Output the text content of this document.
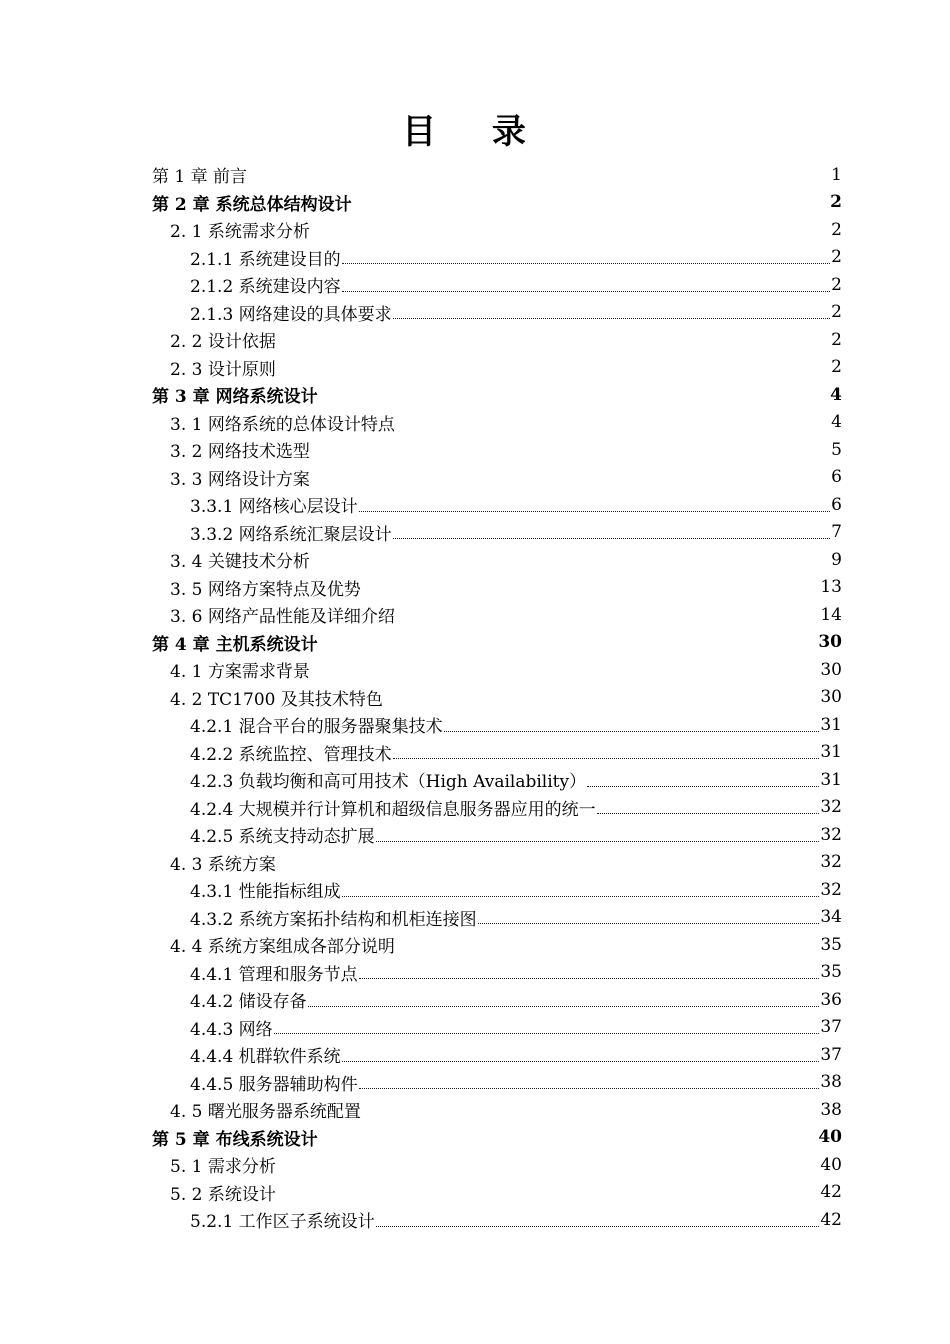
目 录
第 1 章 前言	1
第 2 章 系统总体结构设计	2
2. 1 系统需求分析	2
2.1.1 系统建设目的	2
2.1.2 系统建设内容	2
2.1.3 网络建设的具体要求	2
2. 2 设计依据	2
2. 3 设计原则	2
第 3 章 网络系统设计	4
3. 1 网络系统的总体设计特点	4
3. 2 网络技术选型	5
3. 3 网络设计方案	6
3.3.1 网络核心层设计	6
3.3.2 网络系统汇聚层设计	7
3. 4 关键技术分析	9
3. 5 网络方案特点及优势	13
3. 6 网络产品性能及详细介绍	14
第 4 章 主机系统设计	30
4. 1 方案需求背景	30
4. 2 TC1700 及其技术特色	30
4.2.1 混合平台的服务器聚集技术	31
4.2.2 系统监控、管理技术	31
4.2.3 负载均衡和高可用技术（High Availability）	31
4.2.4 大规模并行计算机和超级信息服务器应用的统一	32
4.2.5 系统支持动态扩展	32
4. 3 系统方案	32
4.3.1 性能指标组成	32
4.3.2 系统方案拓扑结构和机柜连接图	34
4. 4 系统方案组成各部分说明	35
4.4.1 管理和服务节点	35
4.4.2 储设存备	36
4.4.3 网络	37
4.4.4 机群软件系统	37
4.4.5 服务器辅助构件	38
4. 5 曙光服务器系统配置	38
第 5 章 布线系统设计	40
5. 1 需求分析	40
5. 2 系统设计	42
5.2.1 工作区子系统设计	42
